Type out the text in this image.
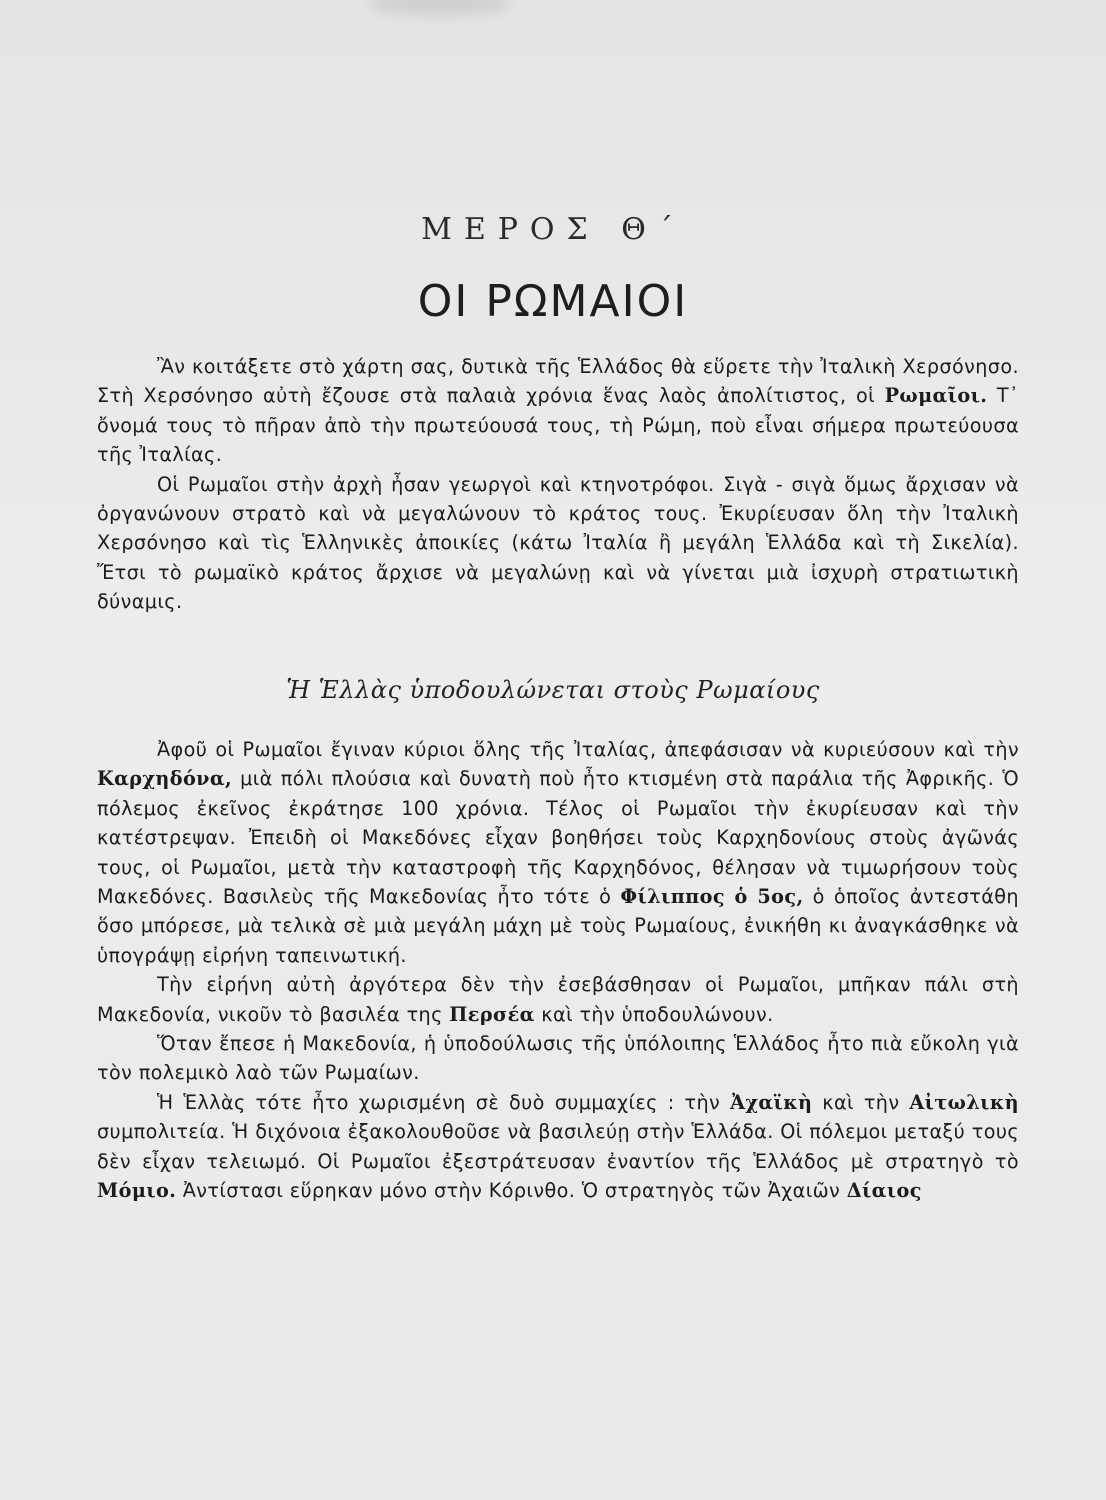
ΜΕΡΟΣ Θ΄
ΟΙ ΡΩΜΑΙΟΙ

Ἂν κοιτάξετε στὸ χάρτη σας, δυτικὰ τῆς Ἑλλάδος θὰ εὕρετε τὴν Ἰταλικὴ Χερσόνησο. Στὴ Χερσόνησο αὐτὴ ἔζουσε στὰ παλαιὰ χρόνια ἕνας λαὸς ἀπολίτιστος, οἱ Ρωμαῖοι. Τ᾽ ὄνομά τους τὸ πῆραν ἀπὸ τὴν πρωτεύουσά τους, τὴ Ρώμη, ποὺ εἶναι σήμερα πρωτεύουσα τῆς Ἰταλίας.

Οἱ Ρωμαῖοι στὴν ἀρχὴ ἦσαν γεωργοὶ καὶ κτηνοτρόφοι. Σιγὰ - σιγὰ ὅμως ἄρχισαν νὰ ὀργανώνουν στρατὸ καὶ νὰ μεγαλώνουν τὸ κράτος τους. Ἐκυρίευσαν ὅλη τὴν Ἰταλικὴ Χερσόνησο καὶ τὶς Ἑλληνικὲς ἀποικίες (κάτω Ἰταλία ἢ μεγάλη Ἑλλάδα καὶ τὴ Σικελία). Ἔτσι τὸ ρωμαϊκὸ κράτος ἄρχισε νὰ μεγαλώνῃ καὶ νὰ γίνεται μιὰ ἰσχυρὴ στρατιωτικὴ δύναμις.

Ἡ Ἑλλὰς ὑποδουλώνεται στοὺς Ρωμαίους

Ἀφοῦ οἱ Ρωμαῖοι ἔγιναν κύριοι ὅλης τῆς Ἰταλίας, ἀπεφάσισαν νὰ κυριεύσουν καὶ τὴν Καρχηδόνα, μιὰ πόλι πλούσια καὶ δυνατὴ ποὺ ἦτο κτισμένη στὰ παράλια τῆς Ἀφρικῆς. Ὁ πόλεμος ἐκεῖνος ἐκράτησε 100 χρόνια. Τέλος οἱ Ρωμαῖοι τὴν ἐκυρίευσαν καὶ τὴν κατέστρεψαν. Ἐπειδὴ οἱ Μακεδόνες εἶχαν βοηθήσει τοὺς Καρχηδονίους στοὺς ἀγῶνάς τους, οἱ Ρωμαῖοι, μετὰ τὴν καταστροφὴ τῆς Καρχηδόνος, θέλησαν νὰ τιμωρήσουν τοὺς Μακεδόνες. Βασιλεὺς τῆς Μακεδονίας ἦτο τότε ὁ Φίλιππος ὁ 5ος, ὁ ὁποῖος ἀντεστάθη ὅσο μπόρεσε, μὰ τελικὰ σὲ μιὰ μεγάλη μάχη μὲ τοὺς Ρωμαίους, ἐνικήθη κι ἀναγκάσθηκε νὰ ὑπογράψῃ εἰρήνη ταπεινωτική.

Τὴν εἰρήνη αὐτὴ ἀργότερα δὲν τὴν ἐσεβάσθησαν οἱ Ρωμαῖοι, μπῆκαν πάλι στὴ Μακεδονία, νικοῦν τὸ βασιλέα της Περσέα καὶ τὴν ὑποδουλώνουν.

Ὅταν ἔπεσε ἡ Μακεδονία, ἡ ὑποδούλωσις τῆς ὑπόλοιπης Ἑλλάδος ἦτο πιὰ εὔκολη γιὰ τὸν πολεμικὸ λαὸ τῶν Ρωμαίων.

Ἡ Ἑλλὰς τότε ἦτο χωρισμένη σὲ δυὸ συμμαχίες : τὴν Ἀχαϊκὴ καὶ τὴν Αἰτωλικὴ συμπολιτεία. Ἡ διχόνοια ἐξακολουθοῦσε νὰ βασιλεύῃ στὴν Ἑλλάδα. Οἱ πόλεμοι μεταξύ τους δὲν εἶχαν τελειωμό. Οἱ Ρωμαῖοι ἐξεστράτευσαν ἐναντίον τῆς Ἑλλάδος μὲ στρατηγὸ τὸ Μόμιο. Ἀντίστασι εὕρηκαν μόνο στὴν Κόρινθο. Ὁ στρατηγὸς τῶν Ἀχαιῶν Δίαιος
